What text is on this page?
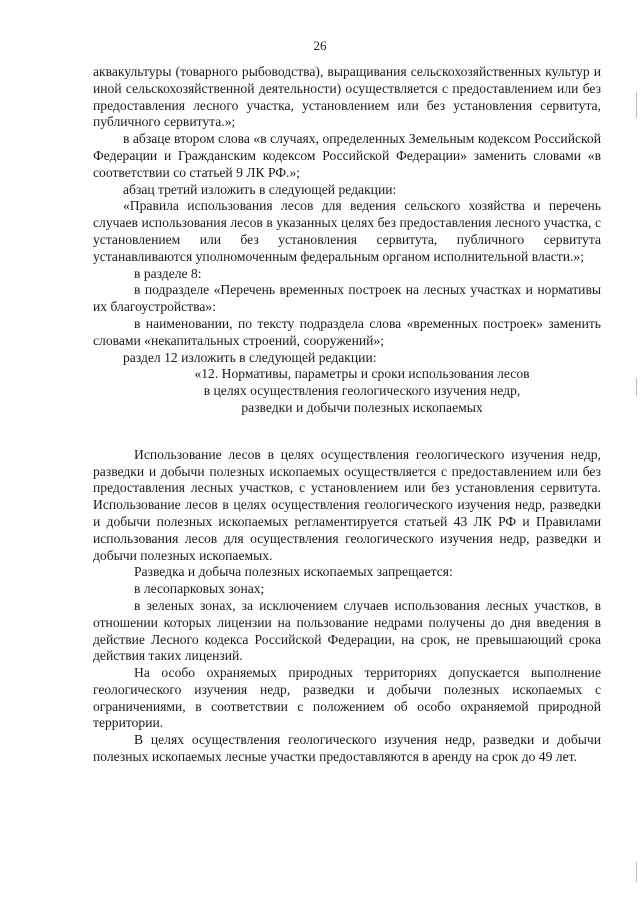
26

аквакультуры (товарного рыбоводства), выращивания сельскохозяйственных культур и иной сельскохозяйственной деятельности) осуществляется с предоставлением или без предоставления лесного участка, установлением или без установления сервитута, публичного сервитута.»;

в абзаце втором слова «в случаях, определенных Земельным кодексом Российской Федерации и Гражданским кодексом Российской Федерации» заменить словами «в соответствии со статьей 9 ЛК РФ.»;

абзац третий изложить в следующей редакции:

«Правила использования лесов для ведения сельского хозяйства и перечень случаев использования лесов в указанных целях без предоставления лесного участка, с установлением или без установления сервитута, публичного сервитута устанавливаются уполномоченным федеральным органом исполнительной власти.»;

в разделе 8:

в подразделе «Перечень временных построек на лесных участках и нормативы их благоустройства»:

в наименовании, по тексту подраздела слова «временных построек» заменить словами «некапитальных строений, сооружений»;

раздел 12 изложить в следующей редакции:

«12. Нормативы, параметры и сроки использования лесов

в целях осуществления геологического изучения недр,

разведки и добычи полезных ископаемых

Использование лесов в целях осуществления геологического изучения недр, разведки и добычи полезных ископаемых осуществляется с предоставлением или без предоставления лесных участков, с установлением или без установления сервитута. Использование лесов в целях осуществления геологического изучения недр, разведки и добычи полезных ископаемых регламентируется статьей 43 ЛК РФ и Правилами использования лесов для осуществления геологического изучения недр, разведки и добычи полезных ископаемых.

Разведка и добыча полезных ископаемых запрещается:

в лесопарковых зонах;

в зеленых зонах, за исключением случаев использования лесных участков, в отношении которых лицензии на пользование недрами получены до дня введения в действие Лесного кодекса Российской Федерации, на срок, не превышающий срока действия таких лицензий.

На особо охраняемых природных территориях допускается выполнение геологического изучения недр, разведки и добычи полезных ископаемых с ограничениями, в соответствии с положением об особо охраняемой природной территории.

В целях осуществления геологического изучения недр, разведки и добычи полезных ископаемых лесные участки предоставляются в аренду на срок до 49 лет.
